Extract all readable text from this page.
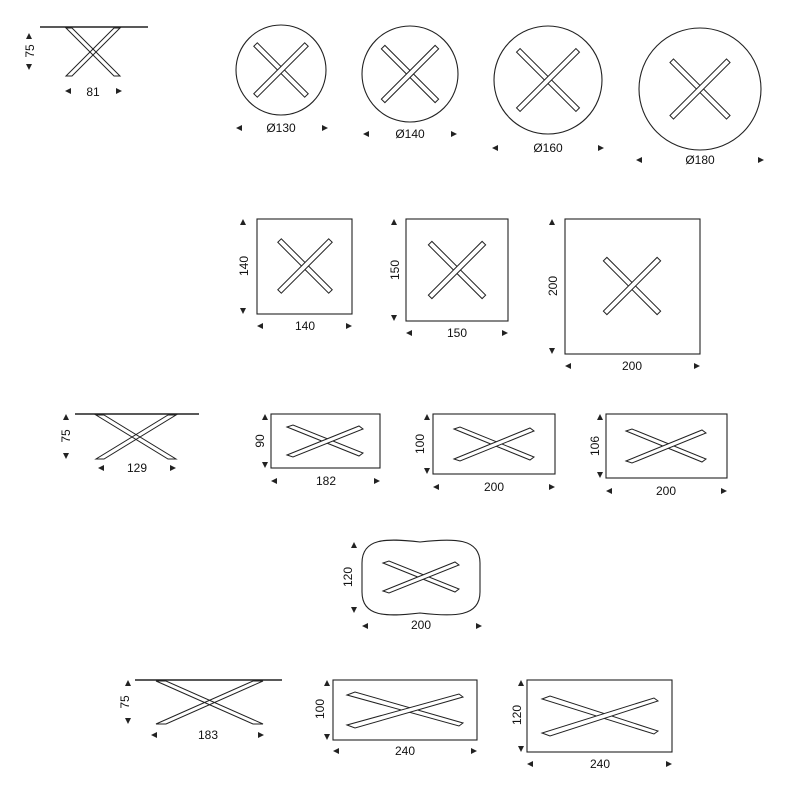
75
81
Ø130	Ø140
Ø160
Ø180
140
140
150
150
200
200
75
129
90
182
100
200
106
200
120
200
75
183
100
240
120
240
